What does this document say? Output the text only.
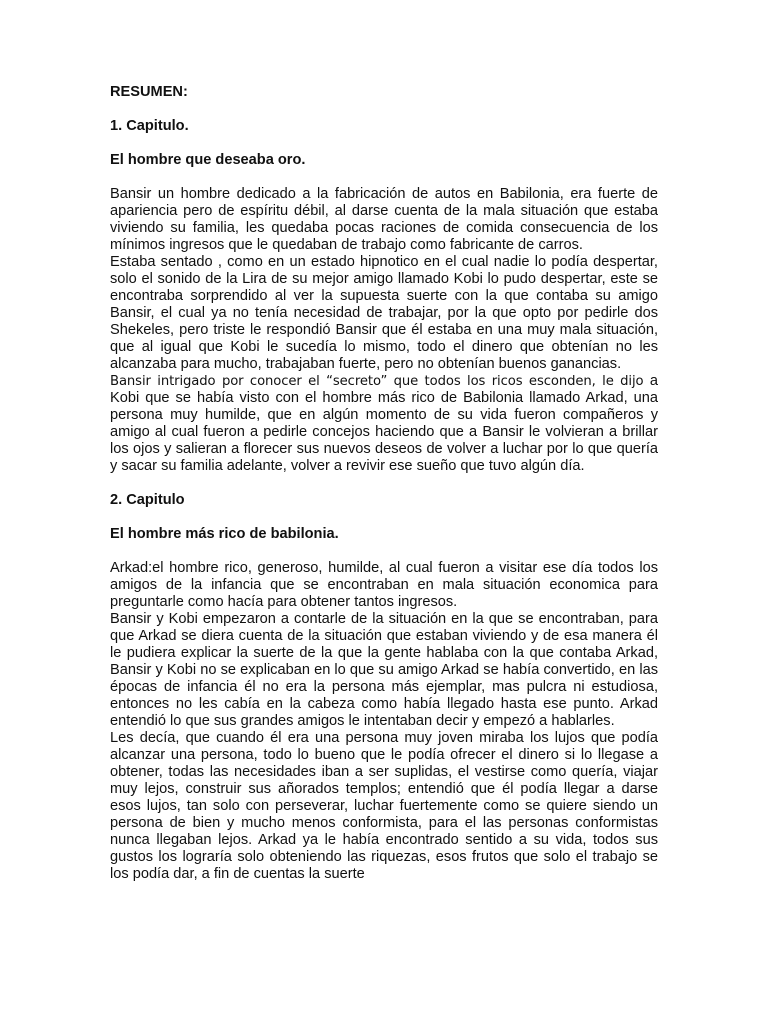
RESUMEN:

1. Capitulo.

El hombre que deseaba oro.

Bansir un hombre dedicado a la fabricación de autos en Babilonia, era fuerte de apariencia pero de espíritu débil, al darse cuenta de la mala situación que estaba viviendo su familia, les quedaba pocas raciones de comida consecuencia de los mínimos ingresos que le quedaban de trabajo como fabricante de carros.

Estaba sentado , como en un estado hipnotico en el cual nadie lo podía despertar, solo el sonido de la Lira de su mejor amigo llamado Kobi lo pudo despertar, este se encontraba sorprendido al ver la supuesta suerte con la que contaba su amigo Bansir, el cual ya no tenía necesidad de trabajar, por la que opto por pedirle dos Shekeles, pero triste le respondió Bansir que él estaba en una muy mala situación, que al igual que Kobi le sucedía lo mismo, todo el dinero que obtenían no les alcanzaba para mucho, trabajaban fuerte, pero no obtenían buenos ganancias.

Bansir intrigado por conocer el “secreto” que todos los ricos esconden, le dijo a Kobi que se había visto con el hombre más rico de Babilonia llamado Arkad, una persona muy humilde, que en algún momento de su vida fueron compañeros y amigo al cual fueron a pedirle concejos haciendo que a Bansir le volvieran a brillar los ojos y salieran a florecer sus nuevos deseos de volver a luchar por lo que quería y sacar su familia adelante, volver a revivir ese sueño que tuvo algún día.

2. Capitulo

El hombre más rico de babilonia.

Arkad:el hombre rico, generoso, humilde, al cual fueron a visitar ese día todos los amigos de la infancia que se encontraban en mala situación economica para preguntarle como hacía para obtener tantos ingresos.

Bansir y Kobi empezaron a contarle de la situación en la que se encontraban, para que Arkad se diera cuenta de la situación que estaban viviendo y de esa manera él le pudiera explicar la suerte de la que la gente hablaba con la que contaba Arkad, Bansir y Kobi no se explicaban en lo que su amigo Arkad se había convertido, en las épocas de infancia él no era la persona más ejemplar, mas pulcra ni estudiosa, entonces no les cabía en la cabeza como había llegado hasta ese punto. Arkad entendió lo que sus grandes amigos le intentaban decir y empezó a hablarles.

Les decía, que cuando él era una persona muy joven miraba los lujos que podía alcanzar una persona, todo lo bueno que le podía ofrecer el dinero si lo llegase a obtener, todas las necesidades iban a ser suplidas, el vestirse como quería, viajar muy lejos, construir sus añorados templos; entendió que él podía llegar a darse esos lujos, tan solo con perseverar, luchar fuertemente como se quiere siendo un persona de bien y mucho menos conformista, para el las personas conformistas nunca llegaban lejos. Arkad ya le había encontrado sentido a su vida, todos sus gustos los lograría solo obteniendo las riquezas, esos frutos que solo el trabajo se los podía dar, a fin de cuentas la suerte
